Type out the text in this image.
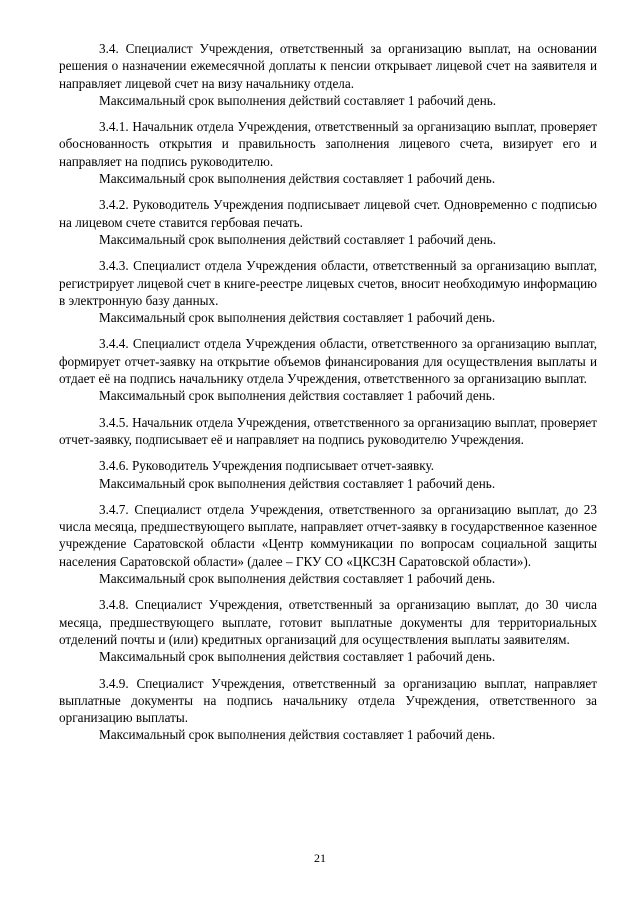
3.4. Специалист Учреждения, ответственный за организацию выплат, на основании решения о назначении ежемесячной доплаты к пенсии открывает лицевой счет на заявителя и направляет лицевой счет на визу начальнику отдела.

Максимальный срок выполнения действий составляет 1 рабочий день.

3.4.1. Начальник отдела Учреждения, ответственный за организацию выплат, проверяет обоснованность открытия и правильность заполнения лицевого счета, визирует его и направляет на подпись руководителю.

Максимальный срок выполнения действия составляет 1 рабочий день.

3.4.2. Руководитель Учреждения подписывает лицевой счет. Одновременно с подписью на лицевом счете ставится гербовая печать.

Максимальный срок выполнения действий составляет 1 рабочий день.

3.4.3. Специалист отдела Учреждения области, ответственный за организацию выплат, регистрирует лицевой счет в книге-реестре лицевых счетов, вносит необходимую информацию в электронную базу данных.

Максимальный срок выполнения действия составляет 1 рабочий день.

3.4.4. Специалист отдела Учреждения области, ответственного за организацию выплат, формирует отчет-заявку на открытие объемов финансирования для осуществления выплаты и отдает её на подпись начальнику отдела Учреждения, ответственного за организацию выплат.

Максимальный срок выполнения действия составляет 1 рабочий день.

3.4.5. Начальник отдела Учреждения, ответственного за организацию выплат, проверяет отчет-заявку, подписывает её и направляет на подпись руководителю Учреждения.

3.4.6. Руководитель Учреждения подписывает отчет-заявку.

Максимальный срок выполнения действия составляет 1 рабочий день.

3.4.7. Специалист отдела Учреждения, ответственного за организацию выплат, до 23 числа месяца, предшествующего выплате, направляет отчет-заявку в государственное казенное учреждение Саратовской области «Центр коммуникации по вопросам социальной защиты населения Саратовской области» (далее – ГКУ СО «ЦКСЗН Саратовской области»).

Максимальный срок выполнения действия составляет 1 рабочий день.

3.4.8. Специалист Учреждения, ответственный за организацию выплат, до 30 числа месяца, предшествующего выплате, готовит выплатные документы для территориальных отделений почты и (или) кредитных организаций для осуществления выплаты заявителям.

Максимальный срок выполнения действия составляет 1 рабочий день.

3.4.9. Специалист Учреждения, ответственный за организацию выплат, направляет выплатные документы на подпись начальнику отдела Учреждения, ответственного за организацию выплаты.

Максимальный срок выполнения действия составляет 1 рабочий день.

21
